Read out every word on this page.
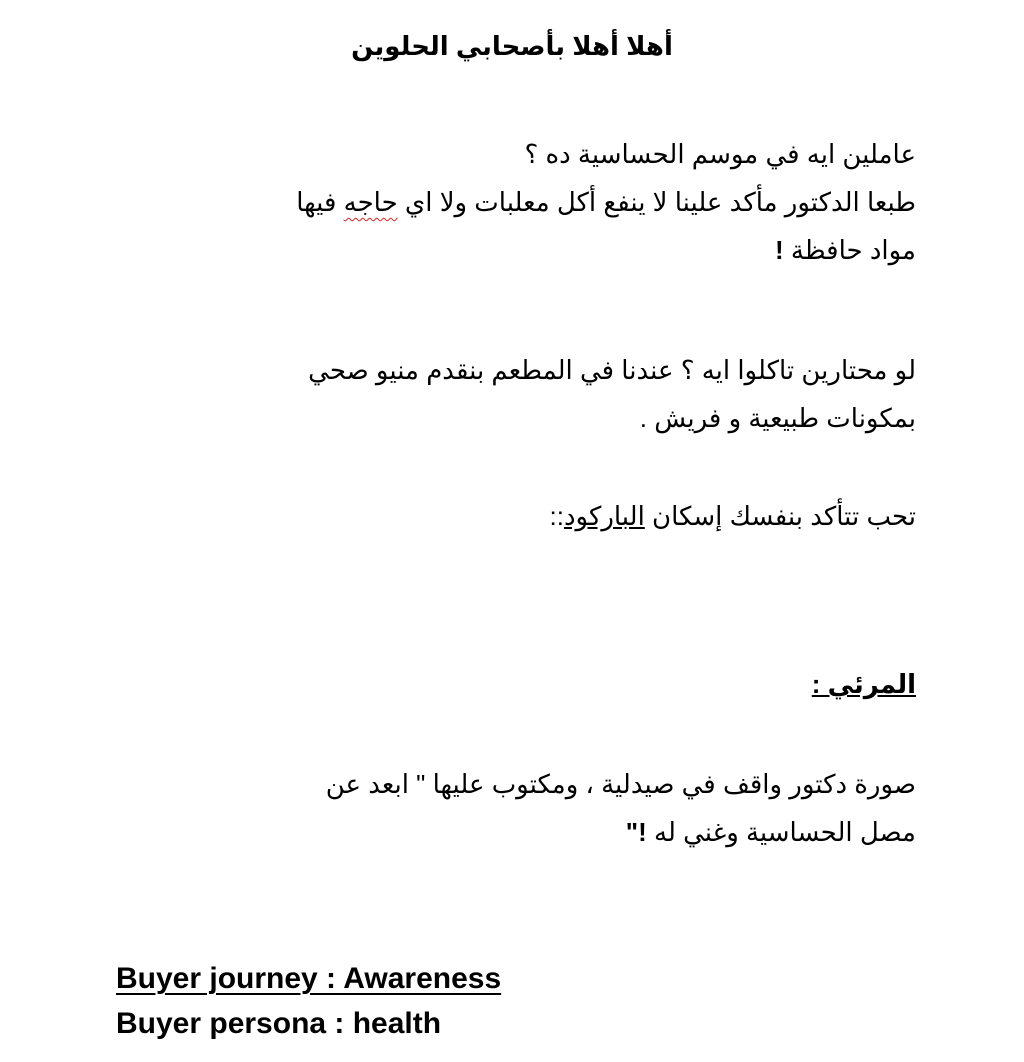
أهلا أهلا بأصحابي الحلوين
عاملين ايه في موسم الحساسية ده ؟
طبعا الدكتور مأكد علينا لا ينفع أكل معلبات ولا اي حاجه فيها
مواد حافظة !
لو محتارين تاكلوا ايه ؟ عندنا في المطعم بنقدم منيو صحي
بمكونات طبيعية و فريش .
تحب تتأكد بنفسك إسكان الباركود::
المرئي :
صورة دكتور واقف في صيدلية ، ومكتوب عليها " ابعد عن
مصل الحساسية وغني له !"
Buyer journey : Awareness
Buyer persona : health
